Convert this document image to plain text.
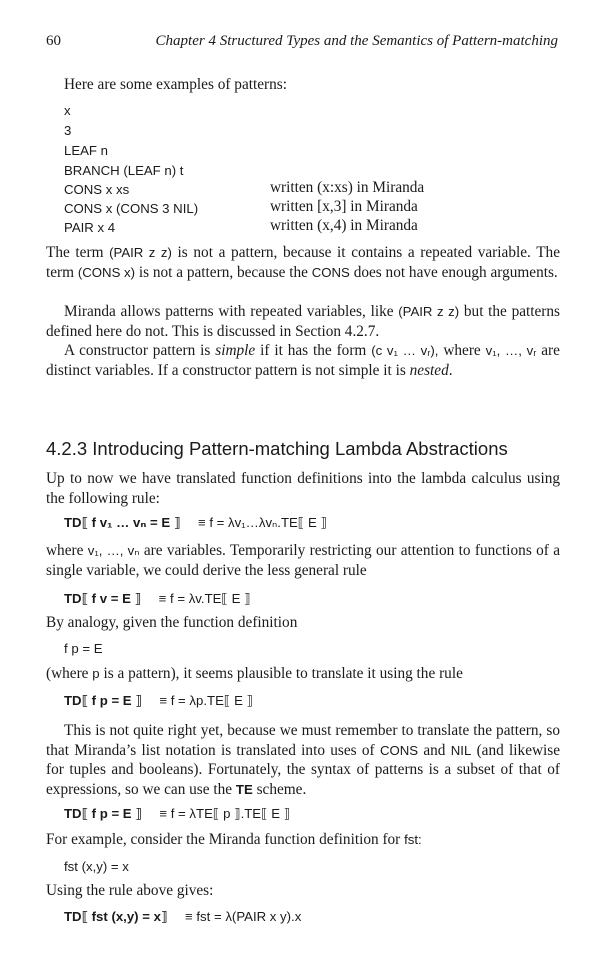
60	Chapter 4 Structured Types and the Semantics of Pattern-matching
Here are some examples of patterns:
x
3
LEAF n
BRANCH (LEAF n) t
CONS x xs	written (x:xs) in Miranda
CONS x (CONS 3 NIL)	written [x,3] in Miranda
PAIR x 4	written (x,4) in Miranda
The term (PAIR z z) is not a pattern, because it contains a repeated variable. The term (CONS x) is not a pattern, because the CONS does not have enough arguments.
Miranda allows patterns with repeated variables, like (PAIR z z) but the patterns defined here do not. This is discussed in Section 4.2.7.
A constructor pattern is simple if it has the form (c v₁ … vᵣ), where v₁, …, vᵣ are distinct variables. If a constructor pattern is not simple it is nested.
4.2.3 Introducing Pattern-matching Lambda Abstractions
Up to now we have translated function definitions into the lambda calculus using the following rule:
TD⟦ f v₁ … vₙ = E ⟧ ≡ f = λv₁…λvₙ.TE⟦ E ⟧
where v₁, …, vₙ are variables. Temporarily restricting our attention to functions of a single variable, we could derive the less general rule
TD⟦ f v = E ⟧ ≡ f = λv.TE⟦ E ⟧
By analogy, given the function definition
f p = E
(where p is a pattern), it seems plausible to translate it using the rule
TD⟦ f p = E ⟧ ≡ f = λp.TE⟦ E ⟧
This is not quite right yet, because we must remember to translate the pattern, so that Miranda’s list notation is translated into uses of CONS and NIL (and likewise for tuples and booleans). Fortunately, the syntax of patterns is a subset of that of expressions, so we can use the TE scheme.
TD⟦ f p = E ⟧ ≡ f = λTE⟦ p ⟧.TE⟦ E ⟧
For example, consider the Miranda function definition for fst:
fst (x,y) = x
Using the rule above gives:
TD⟦ fst (x,y) = x⟧ ≡ fst = λ(PAIR x y).x
